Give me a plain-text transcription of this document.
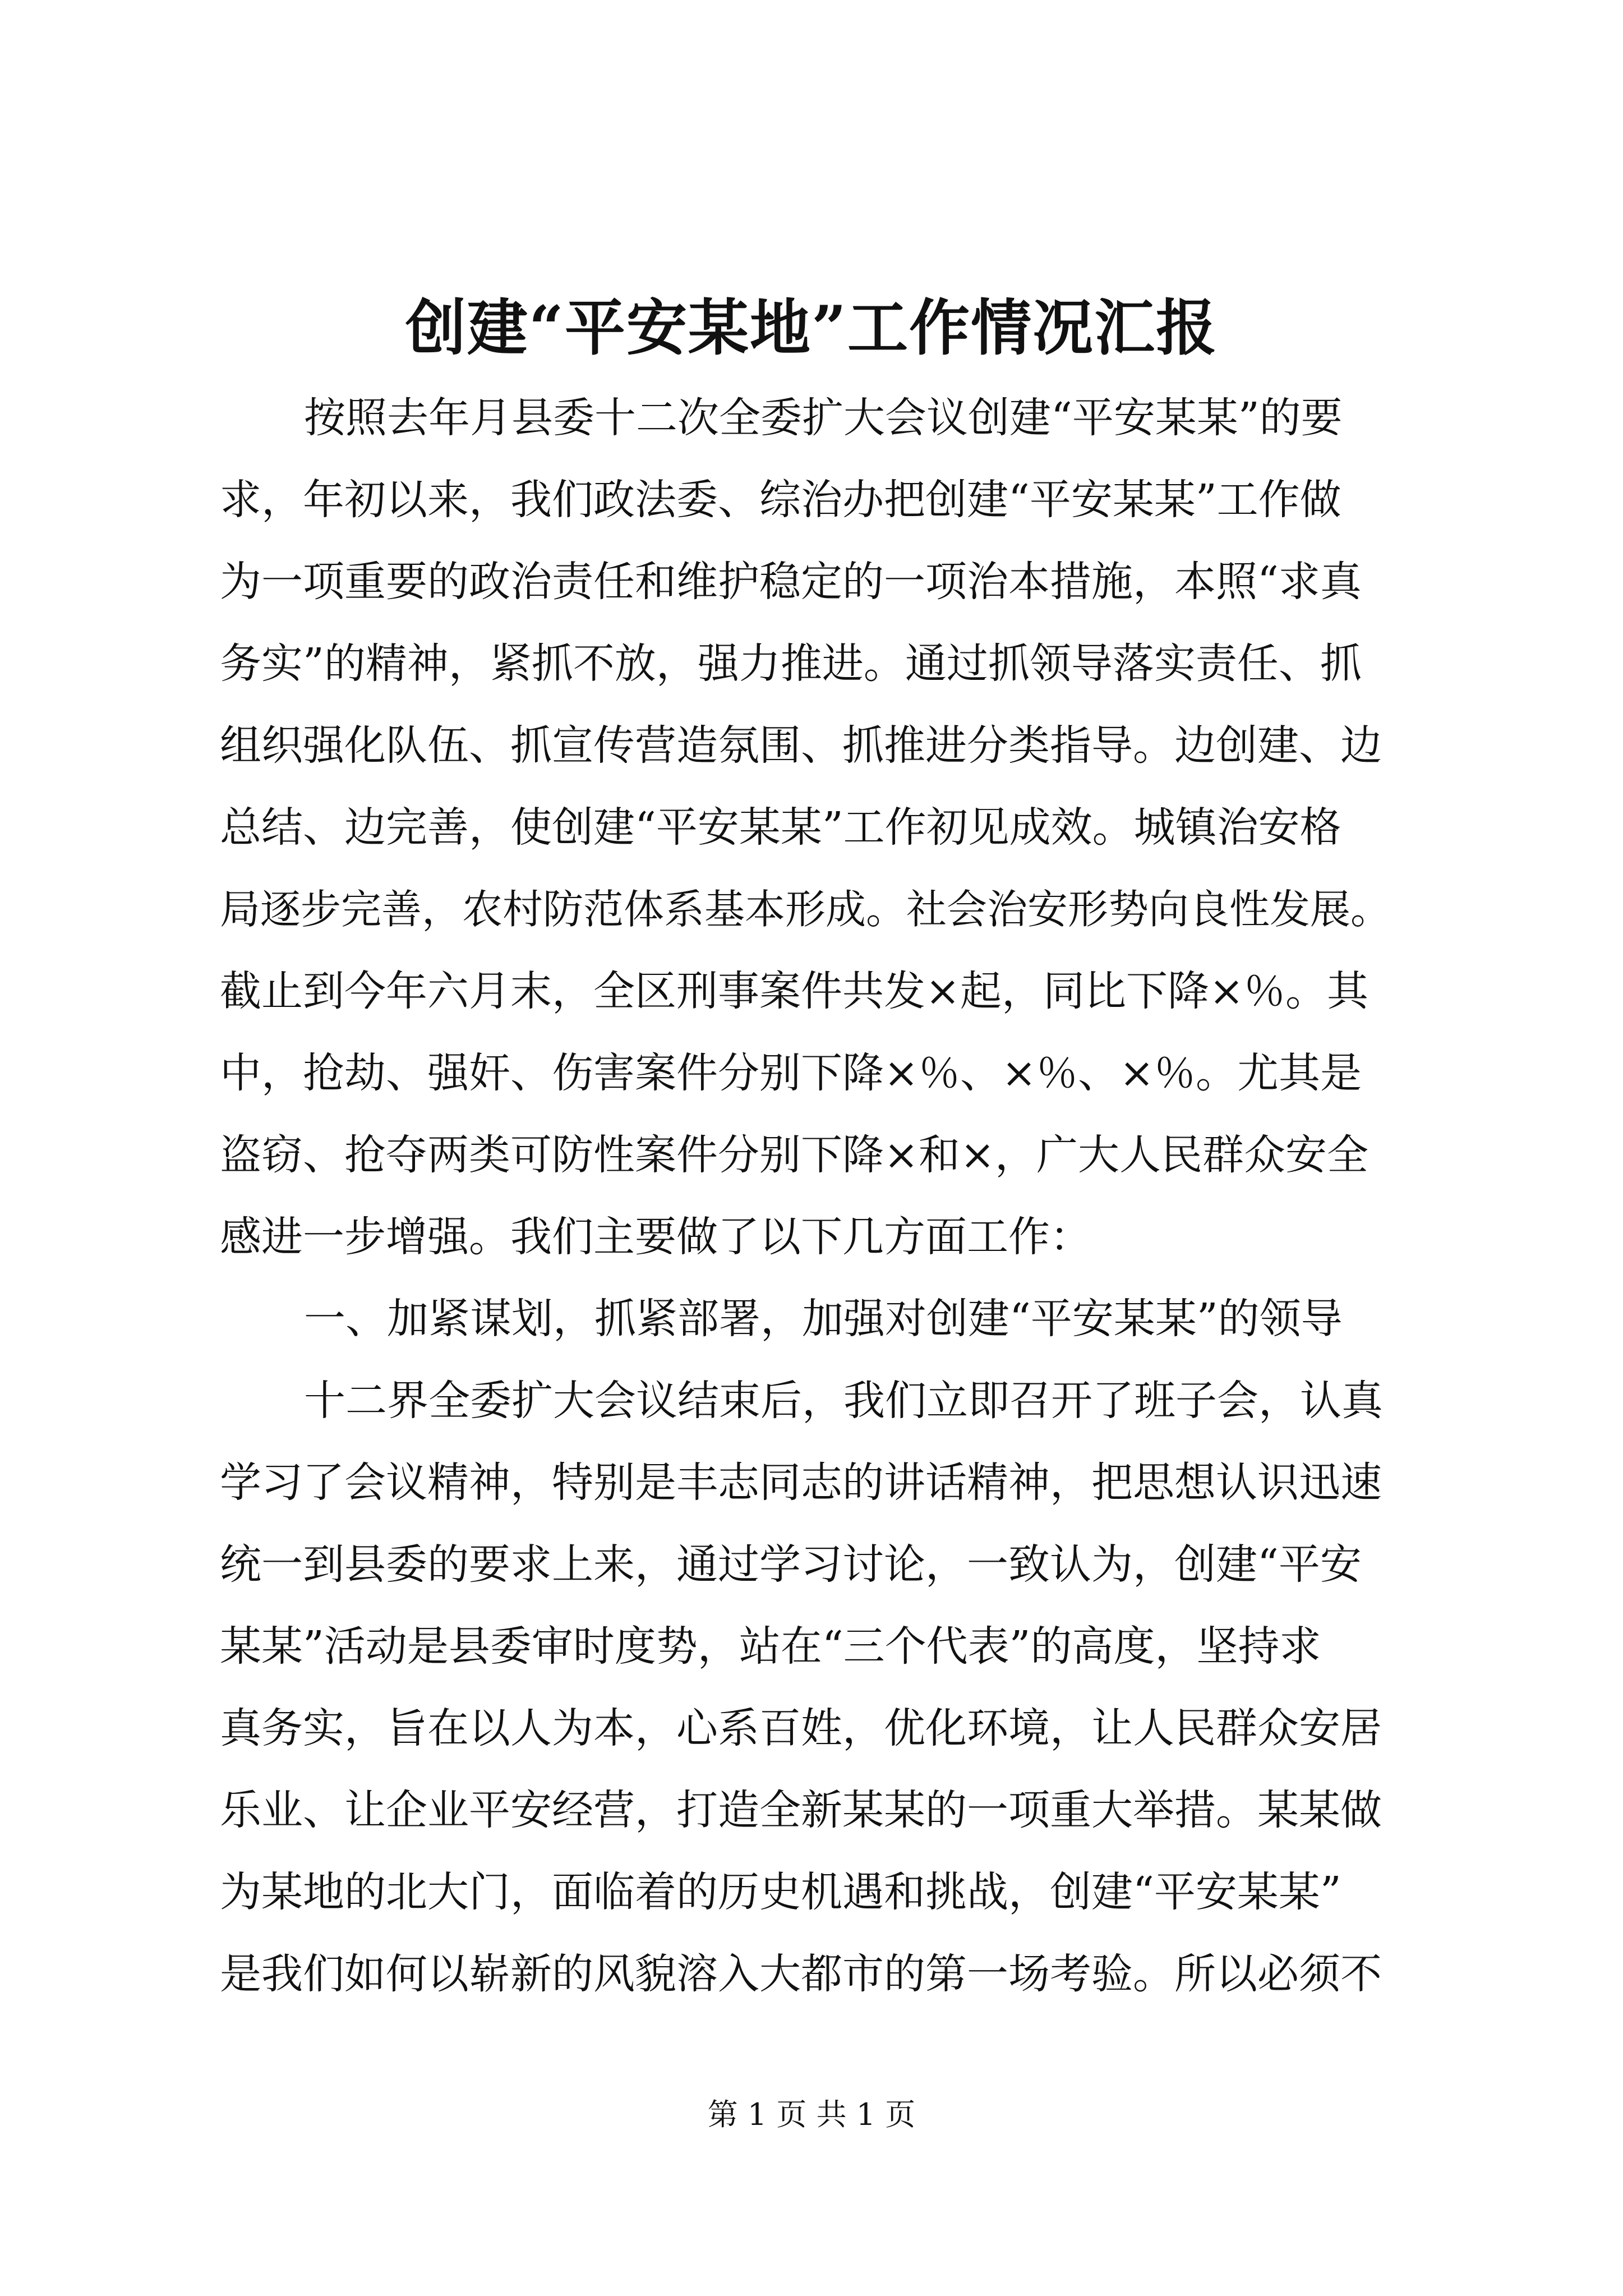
创建“平安某地”工作情况汇报
按照去年月县委十二次全委扩大会议创建“平安某某”的要
求，年初以来，我们政法委、综治办把创建“平安某某”工作做
为一项重要的政治责任和维护稳定的一项治本措施，本照“求真
务实”的精神，紧抓不放，强力推进。通过抓领导落实责任、抓
组织强化队伍、抓宣传营造氛围、抓推进分类指导。边创建、边
总结、边完善，使创建“平安某某”工作初见成效。城镇治安格
局逐步完善，农村防范体系基本形成。社会治安形势向良性发展。
截止到今年六月末，全区刑事案件共发×起，同比下降×％。其
中，抢劫、强奸、伤害案件分别下降×％、×％、×％。尤其是
盗窃、抢夺两类可防性案件分别下降×和×，广大人民群众安全
感进一步增强。我们主要做了以下几方面工作：
一、加紧谋划，抓紧部署，加强对创建“平安某某”的领导
十二界全委扩大会议结束后，我们立即召开了班子会，认真
学习了会议精神，特别是丰志同志的讲话精神，把思想认识迅速
统一到县委的要求上来，通过学习讨论，一致认为，创建“平安
某某”活动是县委审时度势，站在“三个代表”的高度，坚持求
真务实，旨在以人为本，心系百姓，优化环境，让人民群众安居
乐业、让企业平安经营，打造全新某某的一项重大举措。某某做
为某地的北大门，面临着的历史机遇和挑战，创建“平安某某”
是我们如何以崭新的风貌溶入大都市的第一场考验。所以必须不
第 1 页 共 1 页
